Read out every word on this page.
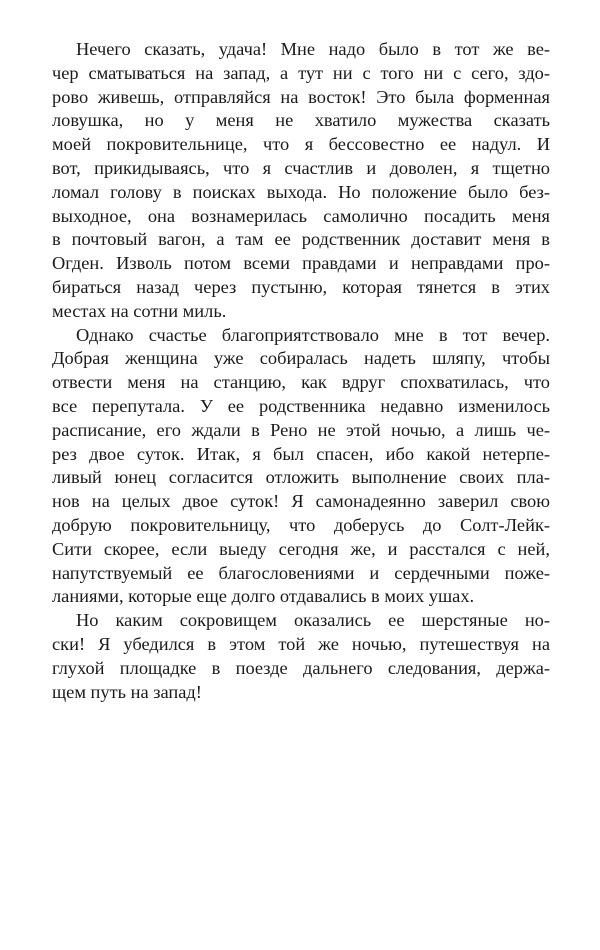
Нечего сказать, удача! Мне надо было в тот же ве-
чер сматываться на запад, а тут ни с того ни с сего, здо-
рово живешь, отправляйся на восток! Это была форменная
ловушка, но у меня не хватило мужества сказать
моей покровительнице, что я бессовестно ее надул. И
вот, прикидываясь, что я счастлив и доволен, я тщетно
ломал голову в поисках выхода. Но положение было без-
выходное, она вознамерилась самолично посадить меня
в почтовый вагон, а там ее родственник доставит меня в
Огден. Изволь потом всеми правдами и неправдами про-
бираться назад через пустыню, которая тянется в этих
местах на сотни миль.

Однако счастье благоприятствовало мне в тот вечер.
Добрая женщина уже собиралась надеть шляпу, чтобы
отвести меня на станцию, как вдруг спохватилась, что
все перепутала. У ее родственника недавно изменилось
расписание, его ждали в Рено не этой ночью, а лишь че-
рез двое суток. Итак, я был спасен, ибо какой нетерпе-
ливый юнец согласится отложить выполнение своих пла-
нов на целых двое суток! Я самонадеянно заверил свою
добрую покровительницу, что доберусь до Солт-Лейк-
Сити скорее, если выеду сегодня же, и расстался с ней,
напутствуемый ее благословениями и сердечными поже-
ланиями, которые еще долго отдавались в моих ушах.

Но каким сокровищем оказались ее шерстяные но-
ски! Я убедился в этом той же ночью, путешествуя на
глухой площадке в поезде дальнего следования, держа-
щем путь на запад!
